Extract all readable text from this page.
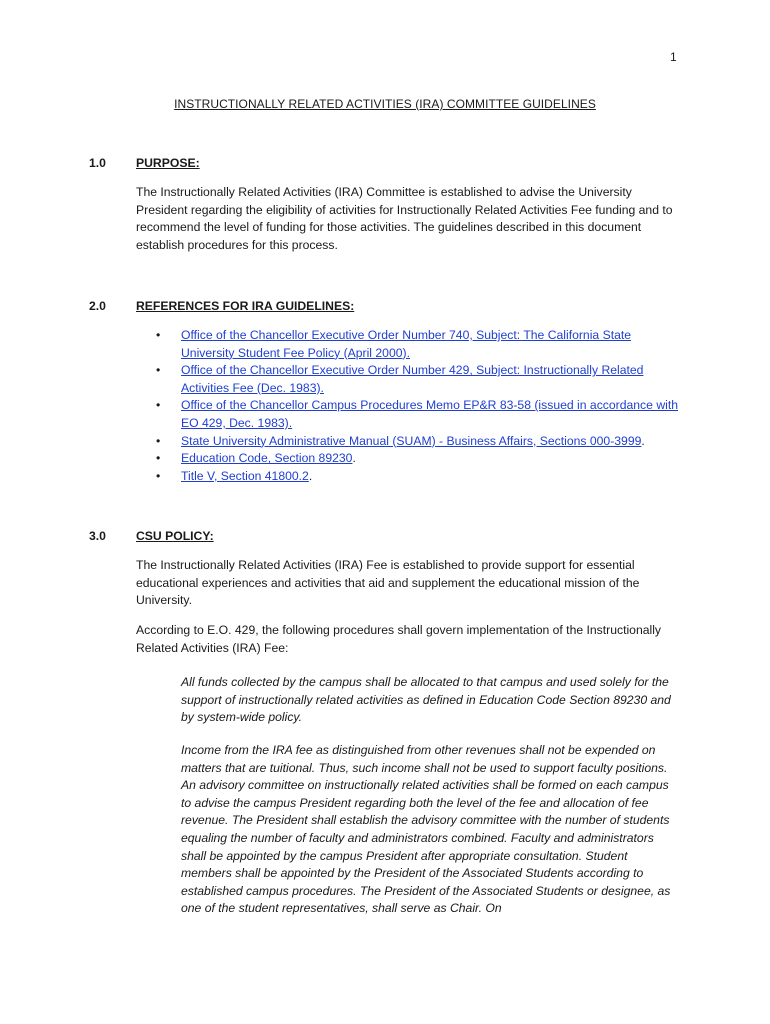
1
INSTRUCTIONALLY RELATED ACTIVITIES (IRA) COMMITTEE GUIDELINES
1.0 PURPOSE:

The Instructionally Related Activities (IRA) Committee is established to advise the University President regarding the eligibility of activities for Instructionally Related Activities Fee funding and to recommend the level of funding for those activities. The guidelines described in this document establish procedures for this process.

2.0 REFERENCES FOR IRA GUIDELINES:
• Office of the Chancellor Executive Order Number 740, Subject: The California State University Student Fee Policy (April 2000).
• Office of the Chancellor Executive Order Number 429, Subject: Instructionally Related Activities Fee (Dec. 1983).
• Office of the Chancellor Campus Procedures Memo EP&R 83-58 (issued in accordance with EO 429, Dec. 1983).
• State University Administrative Manual (SUAM) - Business Affairs, Sections 000-3999.
• Education Code, Section 89230.
• Title V, Section 41800.2.
3.0 CSU POLICY:

The Instructionally Related Activities (IRA) Fee is established to provide support for essential educational experiences and activities that aid and supplement the educational mission of the University.

According to E.O. 429, the following procedures shall govern implementation of the Instructionally Related Activities (IRA) Fee:

All funds collected by the campus shall be allocated to that campus and used solely for the support of instructionally related activities as defined in Education Code Section 89230 and by system-wide policy.

Income from the IRA fee as distinguished from other revenues shall not be expended on matters that are tuitional. Thus, such income shall not be used to support faculty positions. An advisory committee on instructionally related activities shall be formed on each campus to advise the campus President regarding both the level of the fee and allocation of fee revenue. The President shall establish the advisory committee with the number of students equaling the number of faculty and administrators combined. Faculty and administrators shall be appointed by the campus President after appropriate consultation. Student members shall be appointed by the President of the Associated Students according to established campus procedures. The President of the Associated Students or designee, as one of the student representatives, shall serve as Chair. On
